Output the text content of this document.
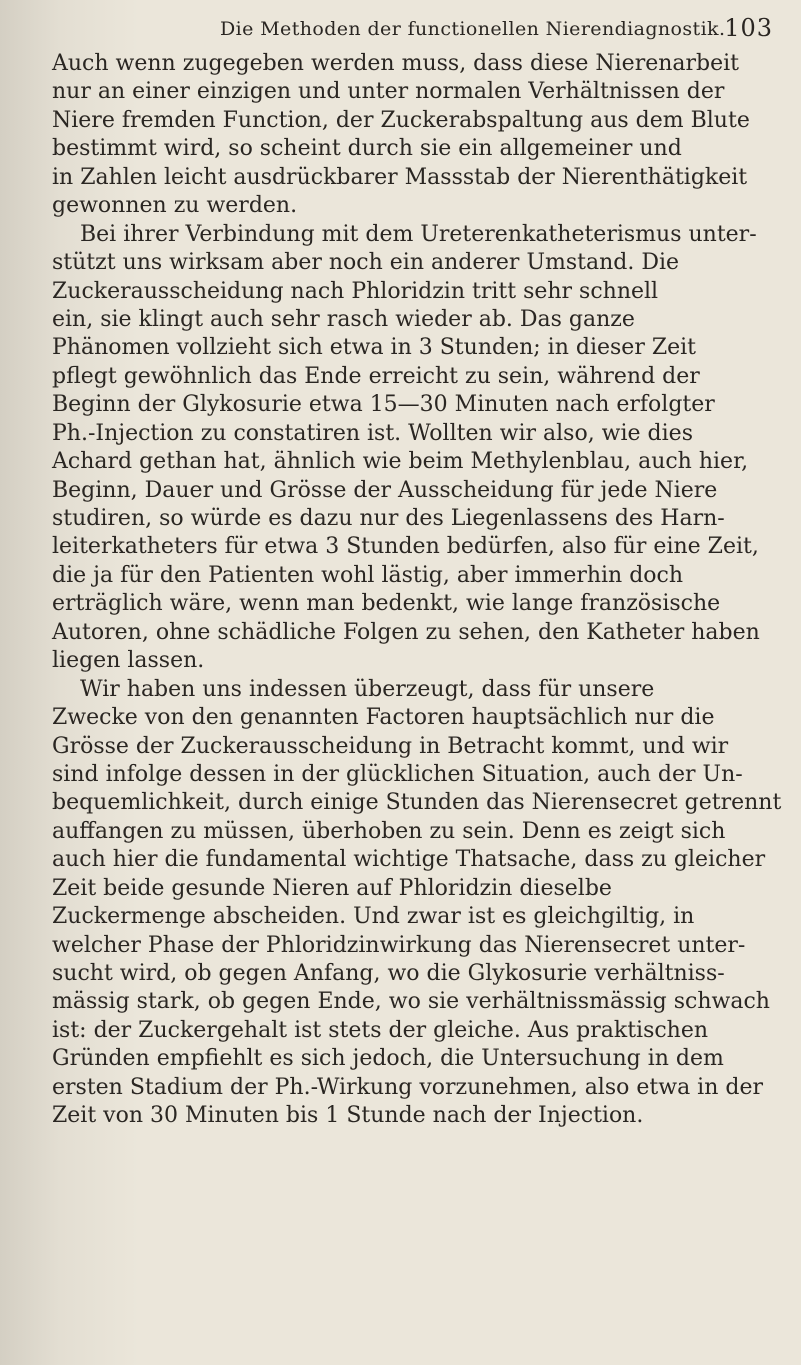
Die Methoden der functionellen Nierendiagnostik.
103
Auch wenn zugegeben werden muss, dass diese Nierenarbeit
nur an einer einzigen und unter normalen Verhältnissen der
Niere fremden Function, der Zuckerabspaltung aus dem Blute
bestimmt wird, so scheint durch sie ein allgemeiner und
in Zahlen leicht ausdrückbarer Massstab der Nierenthätigkeit
gewonnen zu werden.
Bei ihrer Verbindung mit dem Ureterenkatheterismus unter-
stützt uns wirksam aber noch ein anderer Umstand. Die
Zuckerausscheidung nach Phloridzin tritt sehr schnell
ein, sie klingt auch sehr rasch wieder ab. Das ganze
Phänomen vollzieht sich etwa in 3 Stunden; in dieser Zeit
pflegt gewöhnlich das Ende erreicht zu sein, während der
Beginn der Glykosurie etwa 15—30 Minuten nach erfolgter
Ph.-Injection zu constatiren ist. Wollten wir also, wie dies
Achard gethan hat, ähnlich wie beim Methylenblau, auch hier,
Beginn, Dauer und Grösse der Ausscheidung für jede Niere
studiren, so würde es dazu nur des Liegenlassens des Harn-
leiterkatheters für etwa 3 Stunden bedürfen, also für eine Zeit,
die ja für den Patienten wohl lästig, aber immerhin doch
erträglich wäre, wenn man bedenkt, wie lange französische
Autoren, ohne schädliche Folgen zu sehen, den Katheter haben
liegen lassen.
Wir haben uns indessen überzeugt, dass für unsere
Zwecke von den genannten Factoren hauptsächlich nur die
Grösse der Zuckerausscheidung in Betracht kommt, und wir
sind infolge dessen in der glücklichen Situation, auch der Un-
bequemlichkeit, durch einige Stunden das Nierensecret getrennt
auffangen zu müssen, überhoben zu sein. Denn es zeigt sich
auch hier die fundamental wichtige Thatsache, dass zu gleicher
Zeit beide gesunde Nieren auf Phloridzin dieselbe
Zuckermenge abscheiden. Und zwar ist es gleichgiltig, in
welcher Phase der Phloridzinwirkung das Nierensecret unter-
sucht wird, ob gegen Anfang, wo die Glykosurie verhältniss-
mässig stark, ob gegen Ende, wo sie verhältnissmässig schwach
ist: der Zuckergehalt ist stets der gleiche. Aus praktischen
Gründen empfiehlt es sich jedoch, die Untersuchung in dem
ersten Stadium der Ph.-Wirkung vorzunehmen, also etwa in der
Zeit von 30 Minuten bis 1 Stunde nach der Injection.
